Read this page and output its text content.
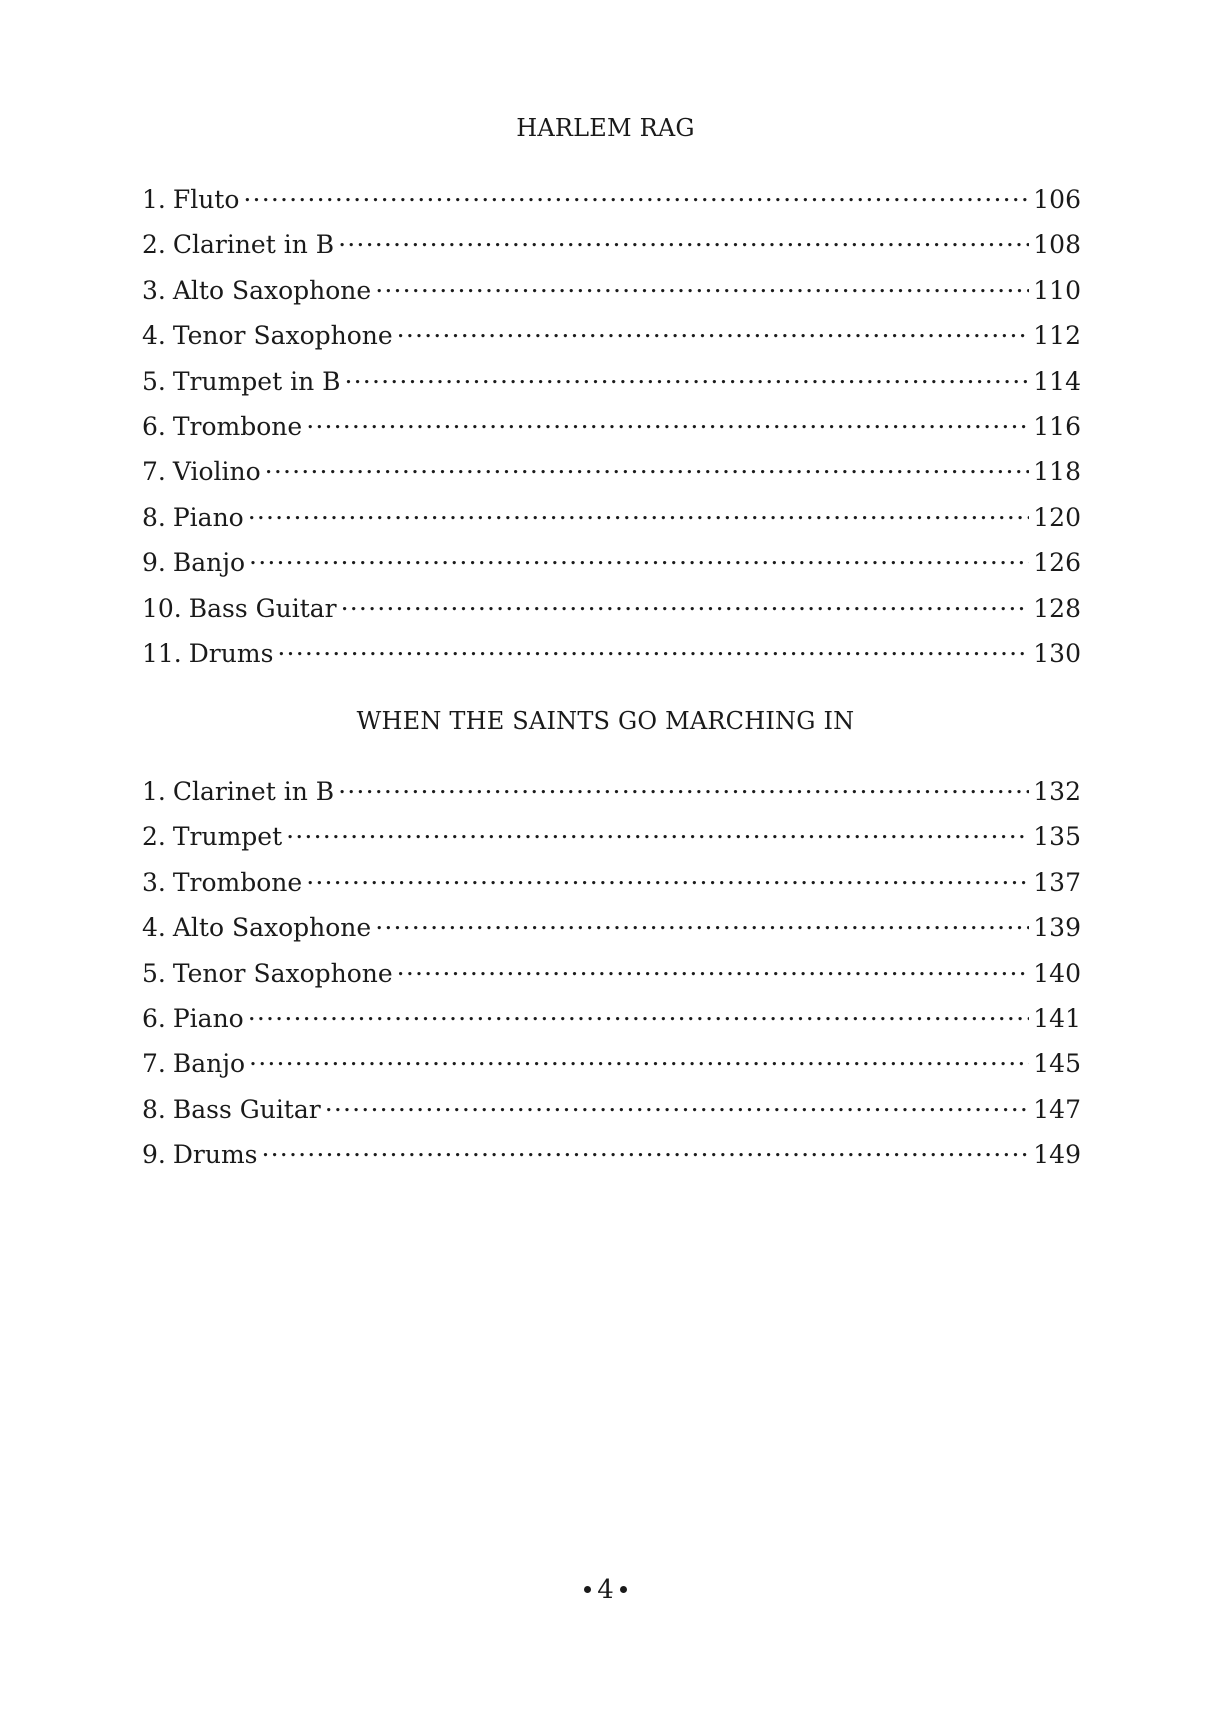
HARLEM RAG
1. Fluto .....	106
2. Clarinet in B .....	108
3. Alto Saxophone .....	110
4. Tenor Saxophone .....	112
5. Trumpet in B .....	114
6. Trombone .....	116
7. Violino .....	118
8. Piano .....	120
9. Banjo .....	126
10. Bass Guitar .....	128
11. Drums .....	130
WHEN THE SAINTS GO MARCHING IN
1. Clarinet in B .....	132
2. Trumpet .....	135
3. Trombone .....	137
4. Alto Saxophone .....	139
5. Tenor Saxophone .....	140
6. Piano .....	141
7. Banjo .....	145
8. Bass Guitar .....	147
9. Drums .....	149
4
